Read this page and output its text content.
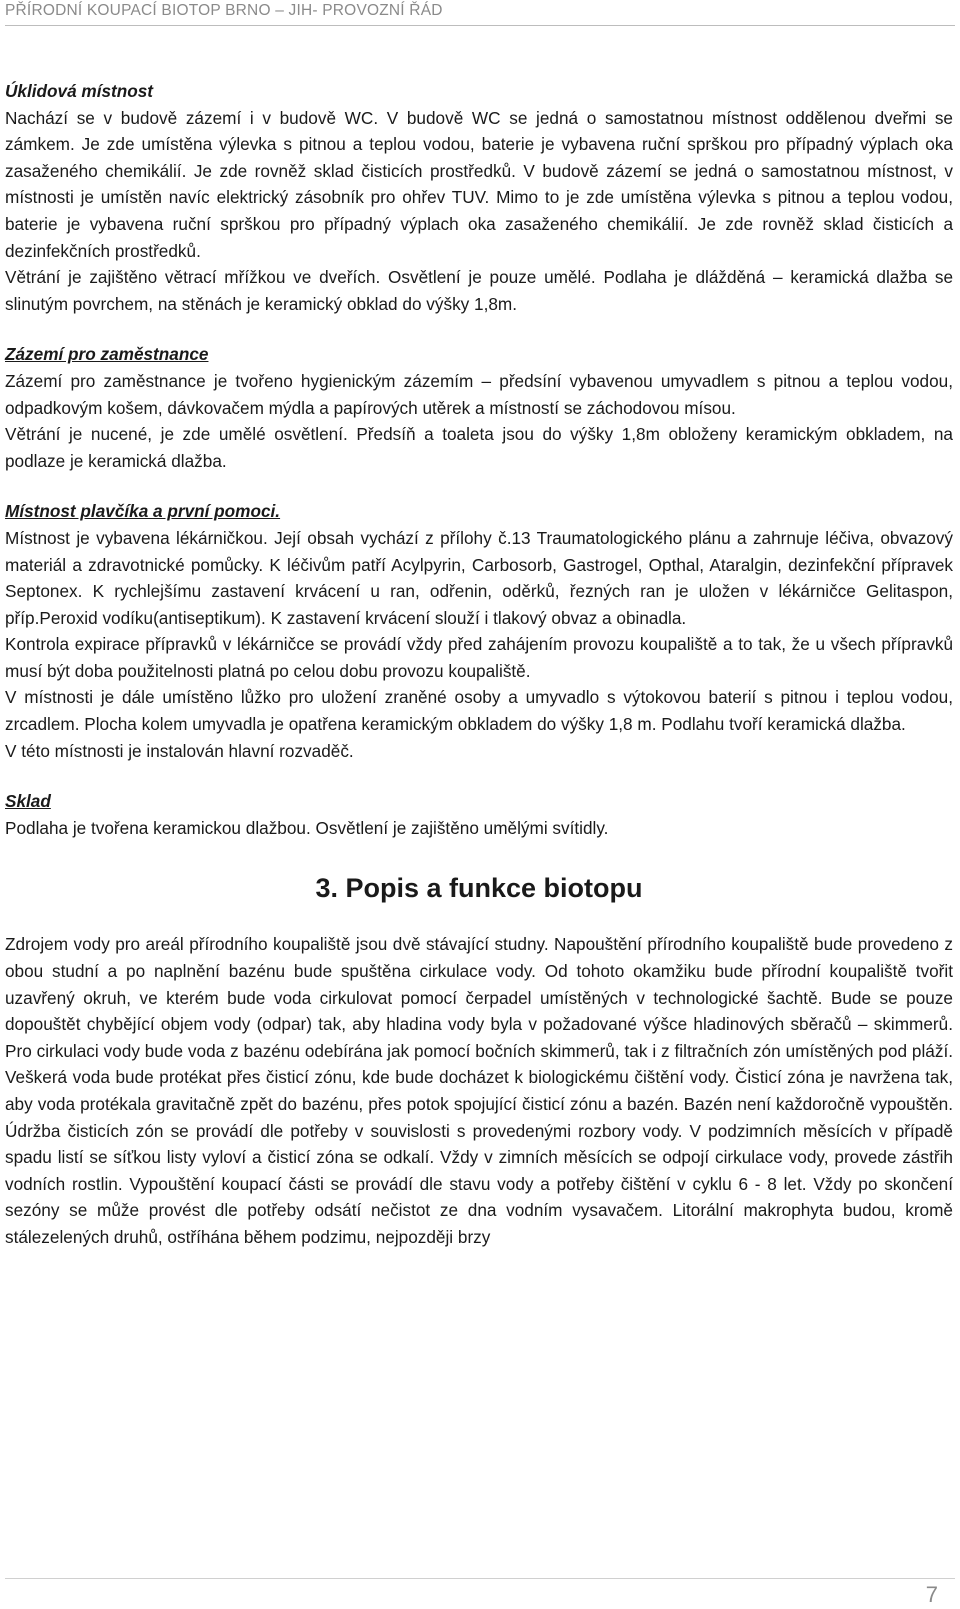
PŘÍRODNÍ KOUPACÍ BIOTOP BRNO – JIH- PROVOZNÍ ŘÁD

Úklidová místnost

Nachází se v budově zázemí i v budově WC. V budově WC se jedná o samostatnou místnost oddělenou dveřmi se zámkem. Je zde umístěna výlevka s pitnou a teplou vodou, baterie je vybavena ruční sprškou pro případný výplach oka zasaženého chemikálií. Je zde rovněž sklad čisticích prostředků. V budově zázemí se jedná o samostatnou místnost, v místnosti je umístěn navíc elektrický zásobník pro ohřev TUV. Mimo to je zde umístěna výlevka s pitnou a teplou vodou, baterie je vybavena ruční sprškou pro případný výplach oka zasaženého chemikálií. Je zde rovněž sklad čisticích a dezinfekčních prostředků.

Větrání je zajištěno větrací mřížkou ve dveřích. Osvětlení je pouze umělé. Podlaha je dlážděná – keramická dlažba se slinutým povrchem, na stěnách je keramický obklad do výšky 1,8m.

Zázemí pro zaměstnance

Zázemí pro zaměstnance je tvořeno hygienickým zázemím – předsíní vybavenou umyvadlem s pitnou a teplou vodou, odpadkovým košem, dávkovačem mýdla a papírových utěrek a místností se záchodovou mísou.

Větrání je nucené, je zde umělé osvětlení. Předsíň a toaleta jsou do výšky 1,8m obloženy keramickým obkladem, na podlaze je keramická dlažba.

Místnost plavčíka a první pomoci.

Místnost je vybavena lékárničkou. Její obsah vychází z přílohy č.13 Traumatologického plánu a zahrnuje léčiva, obvazový materiál a zdravotnické pomůcky. K léčivům patří Acylpyrin, Carbosorb, Gastrogel, Opthal, Ataralgin, dezinfekční přípravek Septonex. K rychlejšímu zastavení krvácení u ran, odřenin, oděrků, řezných ran je uložen v lékárničce Gelitaspon, příp.Peroxid vodíku(antiseptikum). K zastavení krvácení slouží i tlakový obvaz a obinadla.

Kontrola expirace přípravků v lékárničce se provádí vždy před zahájením provozu koupaliště a to tak, že u všech přípravků musí být doba použitelnosti platná po celou dobu provozu koupaliště.

V místnosti je dále umístěno lůžko pro uložení zraněné osoby a umyvadlo s výtokovou baterií s pitnou i teplou vodou, zrcadlem. Plocha kolem umyvadla je opatřena keramickým obkladem do výšky 1,8 m. Podlahu tvoří keramická dlažba.

V této místnosti je instalován hlavní rozvaděč.

Sklad

Podlaha je tvořena keramickou dlažbou. Osvětlení je zajištěno umělými svítidly.

3. Popis a funkce biotopu

Zdrojem vody pro areál přírodního koupaliště jsou dvě stávající studny. Napouštění přírodního koupaliště bude provedeno z obou studní a po naplnění bazénu bude spuštěna cirkulace vody. Od tohoto okamžiku bude přírodní koupaliště tvořit uzavřený okruh, ve kterém bude voda cirkulovat pomocí čerpadel umístěných v technologické šachtě. Bude se pouze dopouštět chybějící objem vody (odpar) tak, aby hladina vody byla v požadované výšce hladinových sběračů – skimmerů. Pro cirkulaci vody bude voda z bazénu odebírána jak pomocí bočních skimmerů, tak i z filtračních zón umístěných pod pláží. Veškerá voda bude protékat přes čisticí zónu, kde bude docházet k biologickému čištění vody. Čisticí zóna je navržena tak, aby voda protékala gravitačně zpět do bazénu, přes potok spojující čisticí zónu a bazén. Bazén není každoročně vypouštěn. Údržba čisticích zón se provádí dle potřeby v souvislosti s provedenými rozbory vody. V podzimních měsících v případě spadu listí se síťkou listy vyloví a čisticí zóna se odkalí. Vždy v zimních měsících se odpojí cirkulace vody, provede zástřih vodních rostlin. Vypouštění koupací části se provádí dle stavu vody a potřeby čištění v cyklu 6 - 8 let. Vždy po skončení sezóny se může provést dle potřeby odsátí nečistot ze dna vodním vysavačem. Litorální makrophyta budou, kromě stálezelených druhů, ostříhána během podzimu, nejpozději brzy

7
